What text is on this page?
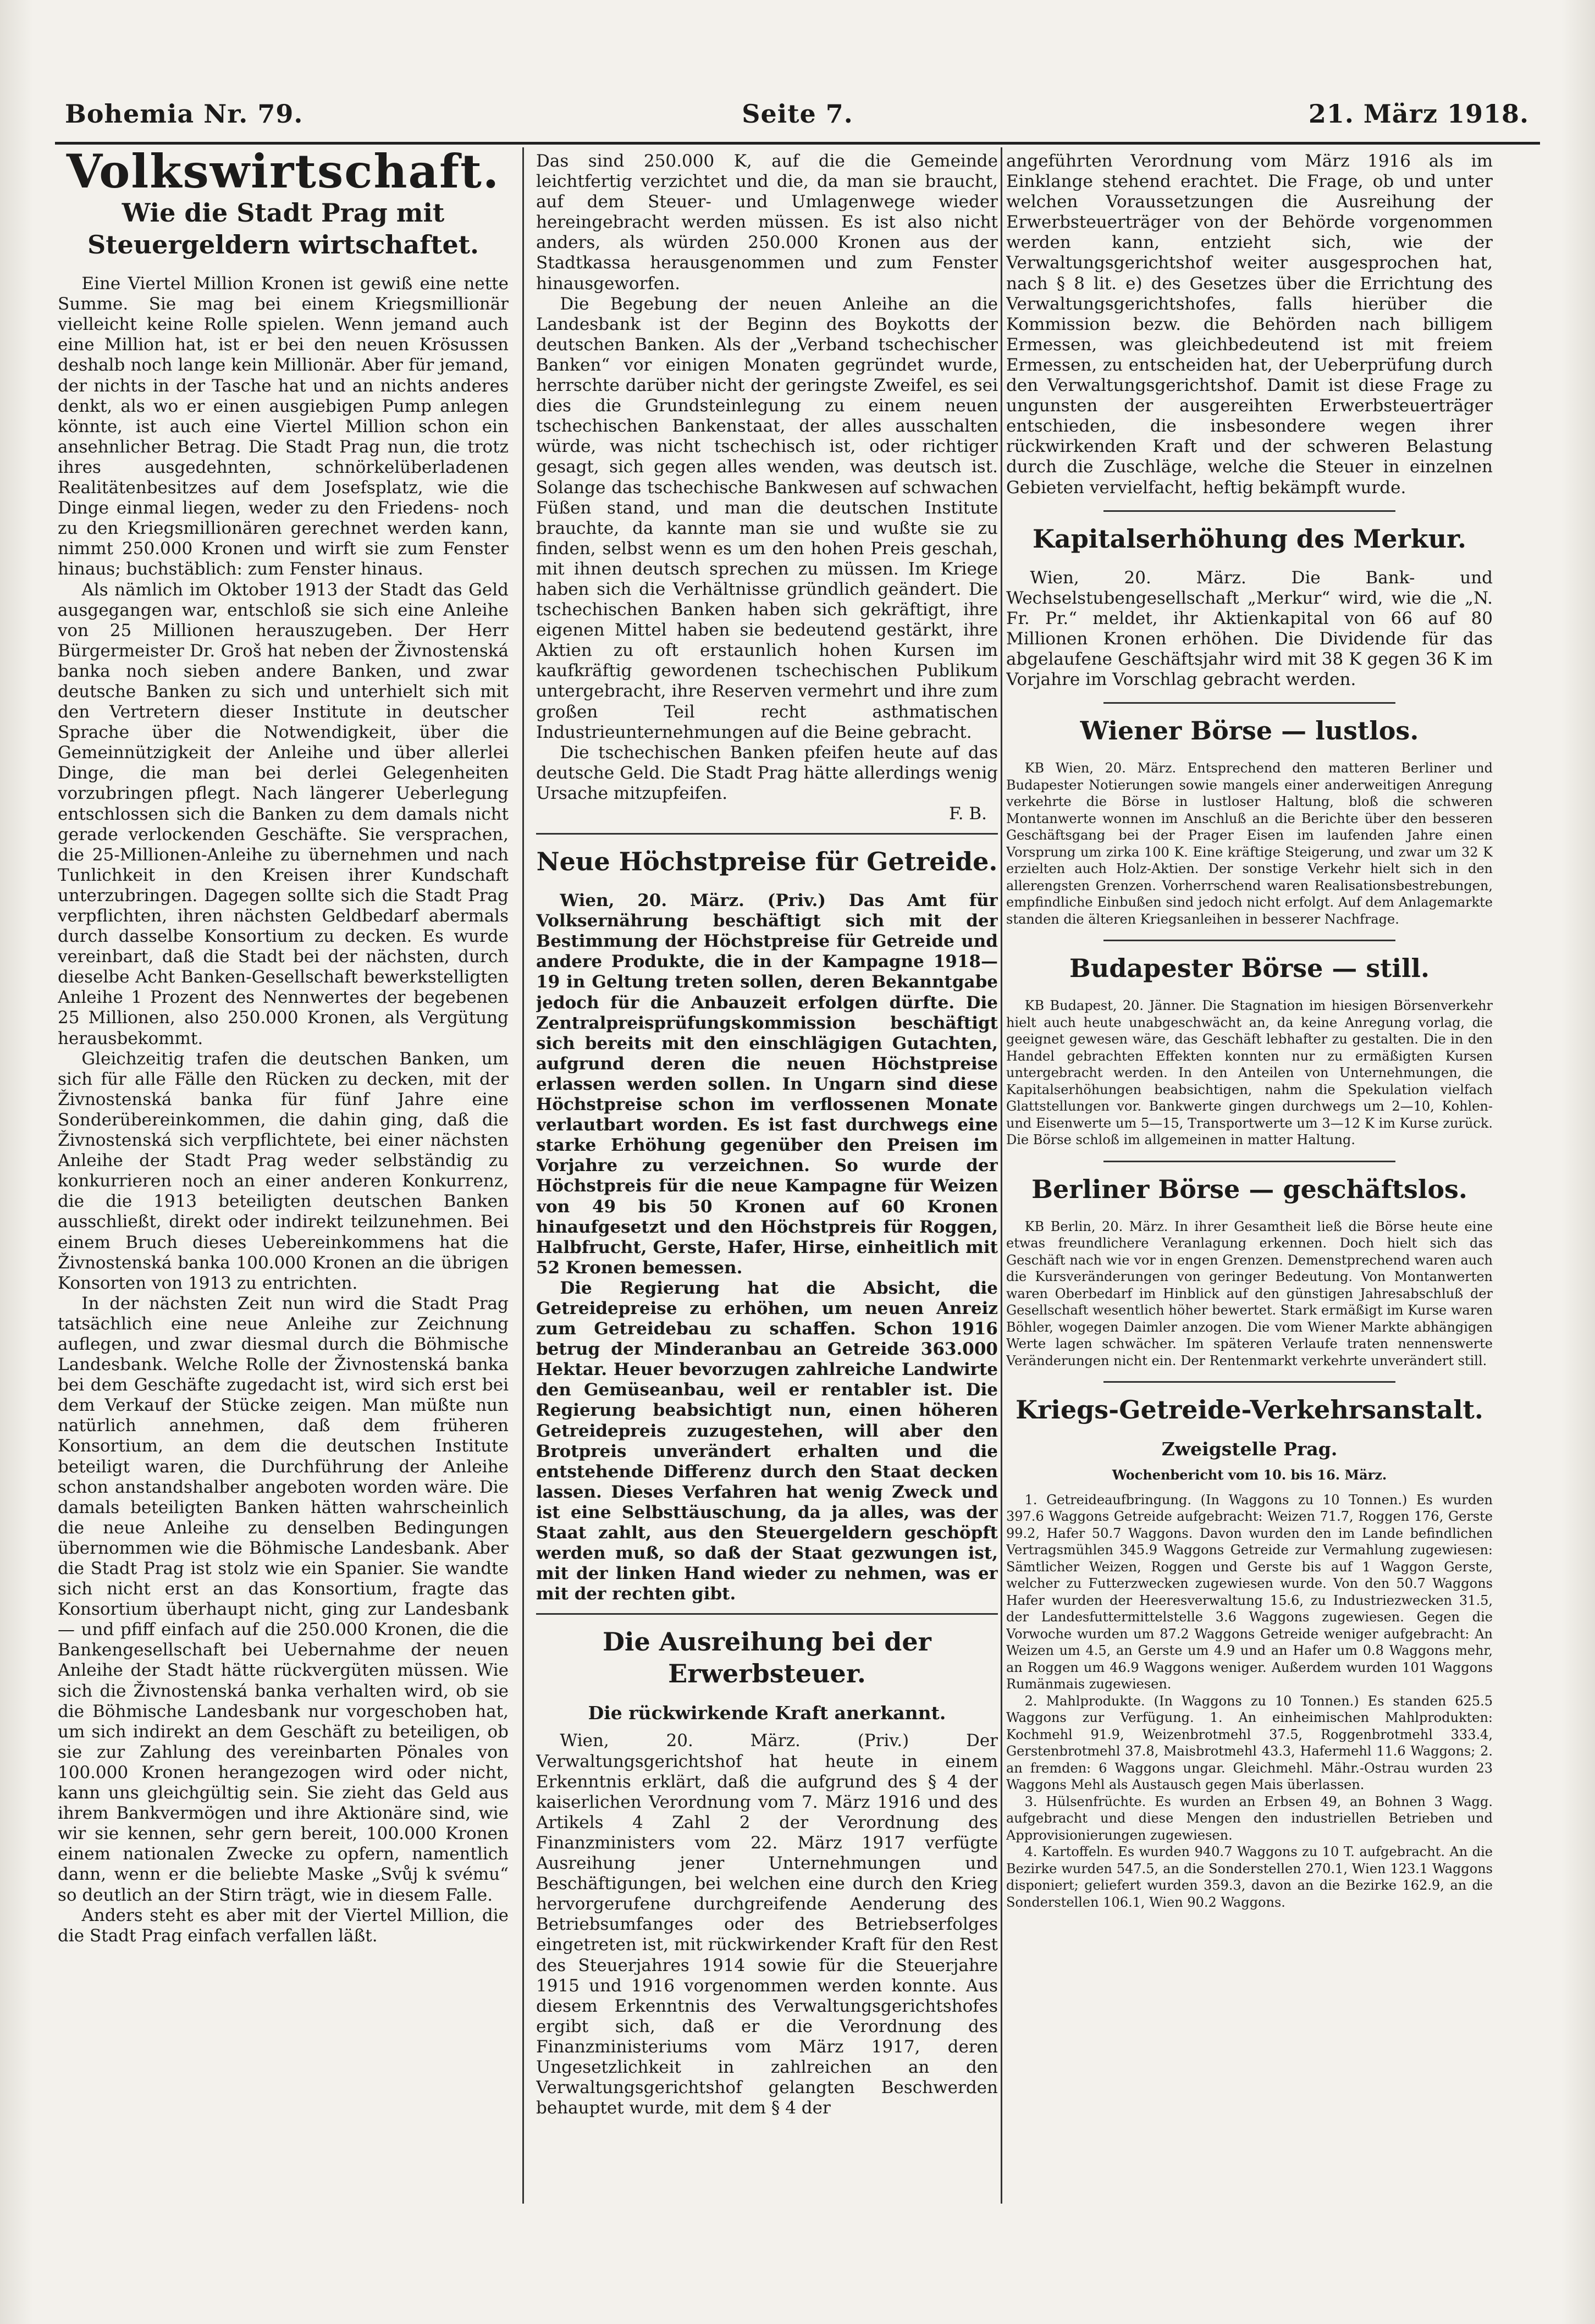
Bohemia Nr. 79.	Seite 7.	21. März 1918.
Volkswirtschaft.
Wie die Stadt Prag mit Steuergeldern wirtschaftet.

Eine Viertel Million Kronen ist gewiß eine nette Summe. Sie mag bei einem Kriegsmillionär vielleicht keine Rolle spielen. Wenn jemand auch eine Million hat, ist er bei den neuen Krösussen deshalb noch lange kein Millionär. Aber für jemand, der nichts in der Tasche hat und an nichts anderes denkt, als wo er einen ausgiebigen Pump anlegen könnte, ist auch eine Viertel Million schon ein ansehnlicher Betrag. Die Stadt Prag nun, die trotz ihres ausgedehnten, schnörkelüberladenen Realitätenbesitzes auf dem Josefsplatz, wie die Dinge einmal liegen, weder zu den Friedens- noch zu den Kriegsmillionären gerechnet werden kann, nimmt 250.000 Kronen und wirft sie zum Fenster hinaus; buchstäblich: zum Fenster hinaus.

Als nämlich im Oktober 1913 der Stadt das Geld ausgegangen war, entschloß sie sich eine Anleihe von 25 Millionen herauszugeben. Der Herr Bürgermeister Dr. Groš hat neben der Živnostenská banka noch sieben andere Banken, und zwar deutsche Banken zu sich und unterhielt sich mit den Vertretern dieser Institute in deutscher Sprache über die Notwendigkeit, über die Gemeinnützigkeit der Anleihe und über allerlei Dinge, die man bei derlei Gelegenheiten vorzubringen pflegt. Nach längerer Ueberlegung entschlossen sich die Banken zu dem damals nicht gerade verlockenden Geschäfte. Sie versprachen, die 25-Millionen-Anleihe zu übernehmen und nach Tunlichkeit in den Kreisen ihrer Kundschaft unterzubringen. Dagegen sollte sich die Stadt Prag verpflichten, ihren nächsten Geldbedarf abermals durch dasselbe Konsortium zu decken. Es wurde vereinbart, daß die Stadt bei der nächsten, durch dieselbe Acht Banken-Gesellschaft bewerkstelligten Anleihe 1 Prozent des Nennwertes der begebenen 25 Millionen, also 250.000 Kronen, als Vergütung herausbekommt.

Gleichzeitig trafen die deutschen Banken, um sich für alle Fälle den Rücken zu decken, mit der Živnostenská banka für fünf Jahre eine Sonderübereinkommen, die dahin ging, daß die Živnostenská sich verpflichtete, bei einer nächsten Anleihe der Stadt Prag weder selbständig zu konkurrieren noch an einer anderen Konkurrenz, die die 1913 beteiligten deutschen Banken ausschließt, direkt oder indirekt teilzunehmen. Bei einem Bruch dieses Uebereinkommens hat die Živnostenská banka 100.000 Kronen an die übrigen Konsorten von 1913 zu entrichten.

In der nächsten Zeit nun wird die Stadt Prag tatsächlich eine neue Anleihe zur Zeichnung auflegen, und zwar diesmal durch die Böhmische Landesbank. Welche Rolle der Živnostenská banka bei dem Geschäfte zugedacht ist, wird sich erst bei dem Verkauf der Stücke zeigen. Man müßte nun natürlich annehmen, daß dem früheren Konsortium, an dem die deutschen Institute beteiligt waren, die Durchführung der Anleihe schon anstandshalber angeboten worden wäre. Die damals beteiligten Banken hätten wahrscheinlich die neue Anleihe zu denselben Bedingungen übernommen wie die Böhmische Landesbank. Aber die Stadt Prag ist stolz wie ein Spanier. Sie wandte sich nicht erst an das Konsortium, fragte das Konsortium überhaupt nicht, ging zur Landesbank — und pfiff einfach auf die 250.000 Kronen, die die Bankengesellschaft bei Uebernahme der neuen Anleihe der Stadt hätte rückvergüten müssen. Wie sich die Živnostenská banka verhalten wird, ob sie die Böhmische Landesbank nur vorgeschoben hat, um sich indirekt an dem Geschäft zu beteiligen, ob sie zur Zahlung des vereinbarten Pönales von 100.000 Kronen herangezogen wird oder nicht, kann uns gleichgültig sein. Sie zieht das Geld aus ihrem Bankvermögen und ihre Aktionäre sind, wie wir sie kennen, sehr gern bereit, 100.000 Kronen einem nationalen Zwecke zu opfern, namentlich dann, wenn er die beliebte Maske „Svůj k svému“ so deutlich an der Stirn trägt, wie in diesem Falle.

Anders steht es aber mit der Viertel Million, die die Stadt Prag einfach verfallen läßt.

Das sind 250.000 K, auf die die Gemeinde leichtfertig verzichtet und die, da man sie braucht, auf dem Steuer- und Umlagenwege wieder hereingebracht werden müssen. Es ist also nicht anders, als würden 250.000 Kronen aus der Stadtkassa herausgenommen und zum Fenster hinausgeworfen.

Die Begebung der neuen Anleihe an die Landesbank ist der Beginn des Boykotts der deutschen Banken. Als der „Verband tschechischer Banken“ vor einigen Monaten gegründet wurde, herrschte darüber nicht der geringste Zweifel, es sei dies die Grundsteinlegung zu einem neuen tschechischen Bankenstaat, der alles ausschalten würde, was nicht tschechisch ist, oder richtiger gesagt, sich gegen alles wenden, was deutsch ist. Solange das tschechische Bankwesen auf schwachen Füßen stand, und man die deutschen Institute brauchte, da kannte man sie und wußte sie zu finden, selbst wenn es um den hohen Preis geschah, mit ihnen deutsch sprechen zu müssen. Im Kriege haben sich die Verhältnisse gründlich geändert. Die tschechischen Banken haben sich gekräftigt, ihre eigenen Mittel haben sie bedeutend gestärkt, ihre Aktien zu oft erstaunlich hohen Kursen im kaufkräftig gewordenen tschechischen Publikum untergebracht, ihre Reserven vermehrt und ihre zum großen Teil recht asthmatischen Industrieunternehmungen auf die Beine gebracht.

Die tschechischen Banken pfeifen heute auf das deutsche Geld. Die Stadt Prag hätte allerdings wenig Ursache mitzupfeifen.

F. B.
Neue Höchstpreise für Getreide.

Wien, 20. März. (Priv.) Das Amt für Volksernährung beschäftigt sich mit der Bestimmung der Höchstpreise für Getreide und andere Produkte, die in der Kampagne 1918—19 in Geltung treten sollen, deren Bekanntgabe jedoch für die Anbauzeit erfolgen dürfte. Die Zentralpreisprüfungskommission beschäftigt sich bereits mit den einschlägigen Gutachten, aufgrund deren die neuen Höchstpreise erlassen werden sollen. In Ungarn sind diese Höchstpreise schon im verflossenen Monate verlautbart worden. Es ist fast durchwegs eine starke Erhöhung gegenüber den Preisen im Vorjahre zu verzeichnen. So wurde der Höchstpreis für die neue Kampagne für Weizen von 49 bis 50 Kronen auf 60 Kronen hinaufgesetzt und den Höchstpreis für Roggen, Halbfrucht, Gerste, Hafer, Hirse, einheitlich mit 52 Kronen bemessen.

Die Regierung hat die Absicht, die Getreidepreise zu erhöhen, um neuen Anreiz zum Getreidebau zu schaffen. Schon 1916 betrug der Minderanbau an Getreide 363.000 Hektar. Heuer bevorzugen zahlreiche Landwirte den Gemüseanbau, weil er rentabler ist. Die Regierung beabsichtigt nun, einen höheren Getreidepreis zuzugestehen, will aber den Brotpreis unverändert erhalten und die entstehende Differenz durch den Staat decken lassen. Dieses Verfahren hat wenig Zweck und ist eine Selbsttäuschung, da ja alles, was der Staat zahlt, aus den Steuergeldern geschöpft werden muß, so daß der Staat gezwungen ist, mit der linken Hand wieder zu nehmen, was er mit der rechten gibt.

Die Ausreihung bei der Erwerbsteuer.
Die rückwirkende Kraft anerkannt.

Wien, 20. März. (Priv.) Der Verwaltungsgerichtshof hat heute in einem Erkenntnis erklärt, daß die aufgrund des § 4 der kaiserlichen Verordnung vom 7. März 1916 und des Artikels 4 Zahl 2 der Verordnung des Finanzministers vom 22. März 1917 verfügte Ausreihung jener Unternehmungen und Beschäftigungen, bei welchen eine durch den Krieg hervorgerufene durchgreifende Aenderung des Betriebsumfanges oder des Betriebserfolges eingetreten ist, mit rückwirkender Kraft für den Rest des Steuerjahres 1914 sowie für die Steuerjahre 1915 und 1916 vorgenommen werden konnte. Aus diesem Erkenntnis des Verwaltungsgerichtshofes ergibt sich, daß er die Verordnung des Finanzministeriums vom März 1917, deren Ungesetzlichkeit in zahlreichen an den Verwaltungsgerichtshof gelangten Beschwerden behauptet wurde, mit dem § 4 der

angeführten Verordnung vom März 1916 als im Einklange stehend erachtet. Die Frage, ob und unter welchen Voraussetzungen die Ausreihung der Erwerbsteuerträger von der Behörde vorgenommen werden kann, entzieht sich, wie der Verwaltungsgerichtshof weiter ausgesprochen hat, nach § 8 lit. e) des Gesetzes über die Errichtung des Verwaltungsgerichtshofes, falls hierüber die Kommission bezw. die Behörden nach billigem Ermessen, was gleichbedeutend ist mit freiem Ermessen, zu entscheiden hat, der Ueberprüfung durch den Verwaltungsgerichtshof. Damit ist diese Frage zu ungunsten der ausgereihten Erwerbsteuerträger entschieden, die insbesondere wegen ihrer rückwirkenden Kraft und der schweren Belastung durch die Zuschläge, welche die Steuer in einzelnen Gebieten vervielfacht, heftig bekämpft wurde.

Kapitalserhöhung des Merkur.

Wien, 20. März. Die Bank- und Wechselstubengesellschaft „Merkur“ wird, wie die „N. Fr. Pr.“ meldet, ihr Aktienkapital von 66 auf 80 Millionen Kronen erhöhen. Die Dividende für das abgelaufene Geschäftsjahr wird mit 38 K gegen 36 K im Vorjahre im Vorschlag gebracht werden.

Wiener Börse — lustlos.

KB Wien, 20. März. Entsprechend den matteren Berliner und Budapester Notierungen sowie mangels einer anderweitigen Anregung verkehrte die Börse in lustloser Haltung, bloß die schweren Montanwerte wonnen im Anschluß an die Berichte über den besseren Geschäftsgang bei der Prager Eisen im laufenden Jahre einen Vorsprung um zirka 100 K. Eine kräftige Steigerung, und zwar um 32 K erzielten auch Holz-Aktien. Der sonstige Verkehr hielt sich in den allerengsten Grenzen. Vorherrschend waren Realisationsbestrebungen, empfindliche Einbußen sind jedoch nicht erfolgt. Auf dem Anlagemarkte standen die älteren Kriegsanleihen in besserer Nachfrage.

Budapester Börse — still.

KB Budapest, 20. Jänner. Die Stagnation im hiesigen Börsenverkehr hielt auch heute unabgeschwächt an, da keine Anregung vorlag, die geeignet gewesen wäre, das Geschäft lebhafter zu gestalten. Die in den Handel gebrachten Effekten konnten nur zu ermäßigten Kursen untergebracht werden. In den Anteilen von Unternehmungen, die Kapitalserhöhungen beabsichtigen, nahm die Spekulation vielfach Glattstellungen vor. Bankwerte gingen durchwegs um 2—10, Kohlen- und Eisenwerte um 5—15, Transportwerte um 3—12 K im Kurse zurück. Die Börse schloß im allgemeinen in matter Haltung.

Berliner Börse — geschäftslos.

KB Berlin, 20. März. In ihrer Gesamtheit ließ die Börse heute eine etwas freundlichere Veranlagung erkennen. Doch hielt sich das Geschäft nach wie vor in engen Grenzen. Demenstprechend waren auch die Kursveränderungen von geringer Bedeutung. Von Montanwerten waren Oberbedarf im Hinblick auf den günstigen Jahresabschluß der Gesellschaft wesentlich höher bewertet. Stark ermäßigt im Kurse waren Böhler, wogegen Daimler anzogen. Die vom Wiener Markte abhängigen Werte lagen schwächer. Im späteren Verlaufe traten nennenswerte Veränderungen nicht ein. Der Rentenmarkt verkehrte unverändert still.

Kriegs-Getreide-Verkehrsanstalt.
Zweigstelle Prag.
Wochenbericht vom 10. bis 16. März.

1. Getreideaufbringung. (In Waggons zu 10 Tonnen.) Es wurden 397.6 Waggons Getreide aufgebracht: Weizen 71.7, Roggen 176, Gerste 99.2, Hafer 50.7 Waggons. Davon wurden den im Lande befindlichen Vertragsmühlen 345.9 Waggons Getreide zur Vermahlung zugewiesen: Sämtlicher Weizen, Roggen und Gerste bis auf 1 Waggon Gerste, welcher zu Futterzwecken zugewiesen wurde. Von den 50.7 Waggons Hafer wurden der Heeresverwaltung 15.6, zu Industriezwecken 31.5, der Landesfuttermittelstelle 3.6 Waggons zugewiesen. Gegen die Vorwoche wurden um 87.2 Waggons Getreide weniger aufgebracht: An Weizen um 4.5, an Gerste um 4.9 und an Hafer um 0.8 Waggons mehr, an Roggen um 46.9 Waggons weniger. Außerdem wurden 101 Waggons Rumänmais zugewiesen.

2. Mahlprodukte. (In Waggons zu 10 Tonnen.) Es standen 625.5 Waggons zur Verfügung. 1. An einheimischen Mahlprodukten: Kochmehl 91.9, Weizenbrotmehl 37.5, Roggenbrotmehl 333.4, Gerstenbrotmehl 37.8, Maisbrotmehl 43.3, Hafermehl 11.6 Waggons; 2. an fremden: 6 Waggons ungar. Gleichmehl. Mähr.-Ostrau wurden 23 Waggons Mehl als Austausch gegen Mais überlassen.

3. Hülsenfrüchte. Es wurden an Erbsen 49, an Bohnen 3 Wagg. aufgebracht und diese Mengen den industriellen Betrieben und Approvisionierungen zugewiesen.

4. Kartoffeln. Es wurden 940.7 Waggons zu 10 T. aufgebracht. An die Bezirke wurden 547.5, an die Sonderstellen 270.1, Wien 123.1 Waggons disponiert; geliefert wurden 359.3, davon an die Bezirke 162.9, an die Sonderstellen 106.1, Wien 90.2 Waggons.
